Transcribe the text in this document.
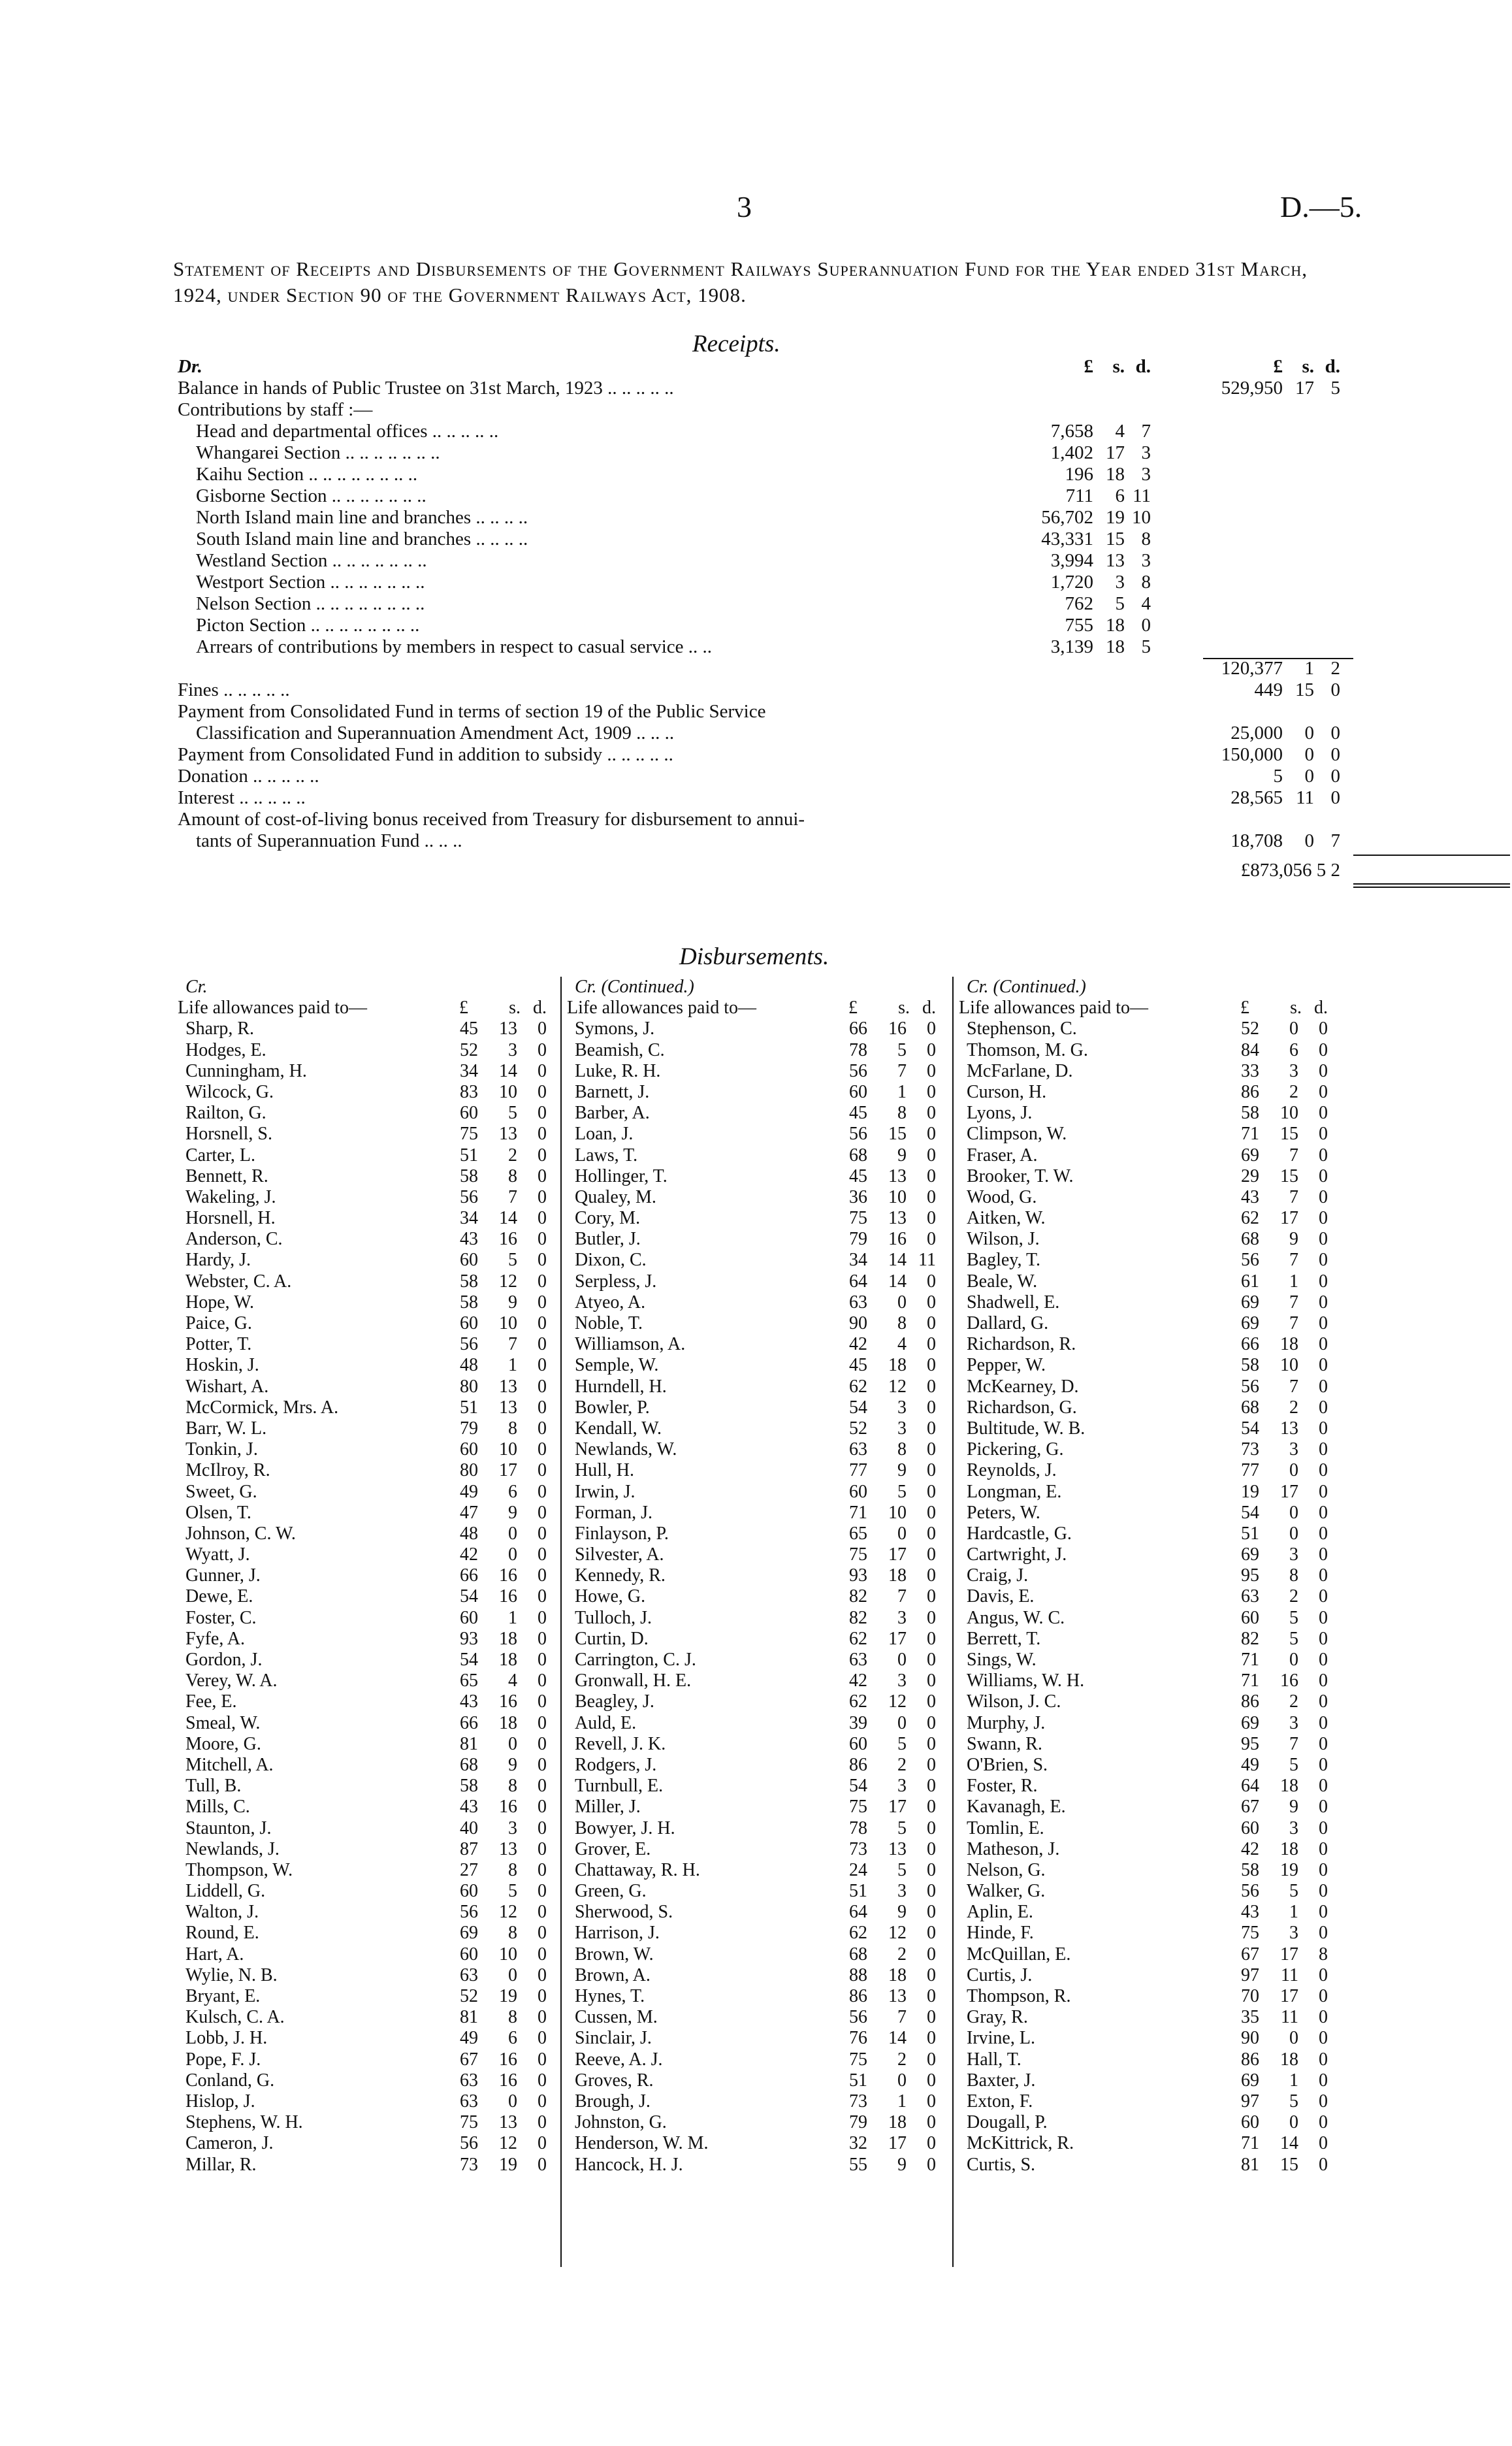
3	D.—5.
Statement of Receipts and Disbursements of the Government Railways Superannuation Fund for the Year ended 31st March, 1924, under Section 90 of the Government Railways Act, 1908.
Receipts.
Dr.	£ s. d.	£ s. d.
Balance in hands of Public Trustee on 31st March, 1923 .. .. .. .. ..	529,950 17 5
Contributions by staff :—
Head and departmental offices .. .. .. .. ..	7,658 4 7
Whangarei Section .. .. .. .. .. .. ..	1,402 17 3
Kaihu Section .. .. .. .. .. .. .. ..	196 18 3
Gisborne Section .. .. .. .. .. .. ..	711 6 11
North Island main line and branches .. .. .. ..	56,702 19 10
South Island main line and branches .. .. .. ..	43,331 15 8
Westland Section .. .. .. .. .. .. ..	3,994 13 3
Westport Section .. .. .. .. .. .. ..	1,720 3 8
Nelson Section .. .. .. .. .. .. .. ..	762 5 4
Picton Section .. .. .. .. .. .. .. ..	755 18 0
Arrears of contributions by members in respect to casual service .. ..	3,139 18 5
120,377 1 2
Fines .. .. .. .. ..	449 15 0
Payment from Consolidated Fund in terms of section 19 of the Public Service
Classification and Superannuation Amendment Act, 1909 .. .. ..	25,000 0 0
Payment from Consolidated Fund in addition to subsidy .. .. .. .. ..	150,000 0 0
Donation .. .. .. .. ..	5 0 0
Interest .. .. .. .. ..	28,565 11 0
Amount of cost-of-living bonus received from Treasury for disbursement to annui-
tants of Superannuation Fund .. .. ..	18,708 0 7
£873,056 5 2
Disbursements.
Cr.
Life allowances paid to—	£ s. d.
Sharp, R.	45 13 0
Hodges, E.	52 3 0
Cunningham, H.	34 14 0
Wilcock, G.	83 10 0
Railton, G.	60 5 0
Horsnell, S.	75 13 0
Carter, L.	51 2 0
Bennett, R.	58 8 0
Wakeling, J.	56 7 0
Horsnell, H.	34 14 0
Anderson, C.	43 16 0
Hardy, J.	60 5 0
Webster, C. A.	58 12 0
Hope, W.	58 9 0
Paice, G.	60 10 0
Potter, T.	56 7 0
Hoskin, J.	48 1 0
Wishart, A.	80 13 0
McCormick, Mrs. A.	51 13 0
Barr, W. L.	79 8 0
Tonkin, J.	60 10 0
McIlroy, R.	80 17 0
Sweet, G.	49 6 0
Olsen, T.	47 9 0
Johnson, C. W.	48 0 0
Wyatt, J.	42 0 0
Gunner, J.	66 16 0
Dewe, E.	54 16 0
Foster, C.	60 1 0
Fyfe, A.	93 18 0
Gordon, J.	54 18 0
Verey, W. A.	65 4 0
Fee, E.	43 16 0
Smeal, W.	66 18 0
Moore, G.	81 0 0
Mitchell, A.	68 9 0
Tull, B.	58 8 0
Mills, C.	43 16 0
Staunton, J.	40 3 0
Newlands, J.	87 13 0
Thompson, W.	27 8 0
Liddell, G.	60 5 0
Walton, J.	56 12 0
Round, E.	69 8 0
Hart, A.	60 10 0
Wylie, N. B.	63 0 0
Bryant, E.	52 19 0
Kulsch, C. A.	81 8 0
Lobb, J. H.	49 6 0
Pope, F. J.	67 16 0
Conland, G.	63 16 0
Hislop, J.	63 0 0
Stephens, W. H.	75 13 0
Cameron, J.	56 12 0
Millar, R.	73 19 0
Cr. (Continued.)
Life allowances paid to—	£ s. d.
Symons, J.	66 16 0
Beamish, C.	78 5 0
Luke, R. H.	56 7 0
Barnett, J.	60 1 0
Barber, A.	45 8 0
Loan, J.	56 15 0
Laws, T.	68 9 0
Hollinger, T.	45 13 0
Qualey, M.	36 10 0
Cory, M.	75 13 0
Butler, J.	79 16 0
Dixon, C.	34 14 11
Serpless, J.	64 14 0
Atyeo, A.	63 0 0
Noble, T.	90 8 0
Williamson, A.	42 4 0
Semple, W.	45 18 0
Hurndell, H.	62 12 0
Bowler, P.	54 3 0
Kendall, W.	52 3 0
Newlands, W.	63 8 0
Hull, H.	77 9 0
Irwin, J.	60 5 0
Forman, J.	71 10 0
Finlayson, P.	65 0 0
Silvester, A.	75 17 0
Kennedy, R.	93 18 0
Howe, G.	82 7 0
Tulloch, J.	82 3 0
Curtin, D.	62 17 0
Carrington, C. J.	63 0 0
Gronwall, H. E.	42 3 0
Beagley, J.	62 12 0
Auld, E.	39 0 0
Revell, J. K.	60 5 0
Rodgers, J.	86 2 0
Turnbull, E.	54 3 0
Miller, J.	75 17 0
Bowyer, J. H.	78 5 0
Grover, E.	73 13 0
Chattaway, R. H.	24 5 0
Green, G.	51 3 0
Sherwood, S.	64 9 0
Harrison, J.	62 12 0
Brown, W.	68 2 0
Brown, A.	88 18 0
Hynes, T.	86 13 0
Cussen, M.	56 7 0
Sinclair, J.	76 14 0
Reeve, A. J.	75 2 0
Groves, R.	51 0 0
Brough, J.	73 1 0
Johnston, G.	79 18 0
Henderson, W. M.	32 17 0
Hancock, H. J.	55 9 0
Cr. (Continued.)
Life allowances paid to—	£ s. d.
Stephenson, C.	52 0 0
Thomson, M. G.	84 6 0
McFarlane, D.	33 3 0
Curson, H.	86 2 0
Lyons, J.	58 10 0
Climpson, W.	71 15 0
Fraser, A.	69 7 0
Brooker, T. W.	29 15 0
Wood, G.	43 7 0
Aitken, W.	62 17 0
Wilson, J.	68 9 0
Bagley, T.	56 7 0
Beale, W.	61 1 0
Shadwell, E.	69 7 0
Dallard, G.	69 7 0
Richardson, R.	66 18 0
Pepper, W.	58 10 0
McKearney, D.	56 7 0
Richardson, G.	68 2 0
Bultitude, W. B.	54 13 0
Pickering, G.	73 3 0
Reynolds, J.	77 0 0
Longman, E.	19 17 0
Peters, W.	54 0 0
Hardcastle, G.	51 0 0
Cartwright, J.	69 3 0
Craig, J.	95 8 0
Davis, E.	63 2 0
Angus, W. C.	60 5 0
Berrett, T.	82 5 0
Sings, W.	71 0 0
Williams, W. H.	71 16 0
Wilson, J. C.	86 2 0
Murphy, J.	69 3 0
Swann, R.	95 7 0
O'Brien, S.	49 5 0
Foster, R.	64 18 0
Kavanagh, E.	67 9 0
Tomlin, E.	60 3 0
Matheson, J.	42 18 0
Nelson, G.	58 19 0
Walker, G.	56 5 0
Aplin, E.	43 1 0
Hinde, F.	75 3 0
McQuillan, E.	67 17 8
Curtis, J.	97 11 0
Thompson, R.	70 17 0
Gray, R.	35 11 0
Irvine, L.	90 0 0
Hall, T.	86 18 0
Baxter, J.	69 1 0
Exton, F.	97 5 0
Dougall, P.	60 0 0
McKittrick, R.	71 14 0
Curtis, S.	81 15 0
